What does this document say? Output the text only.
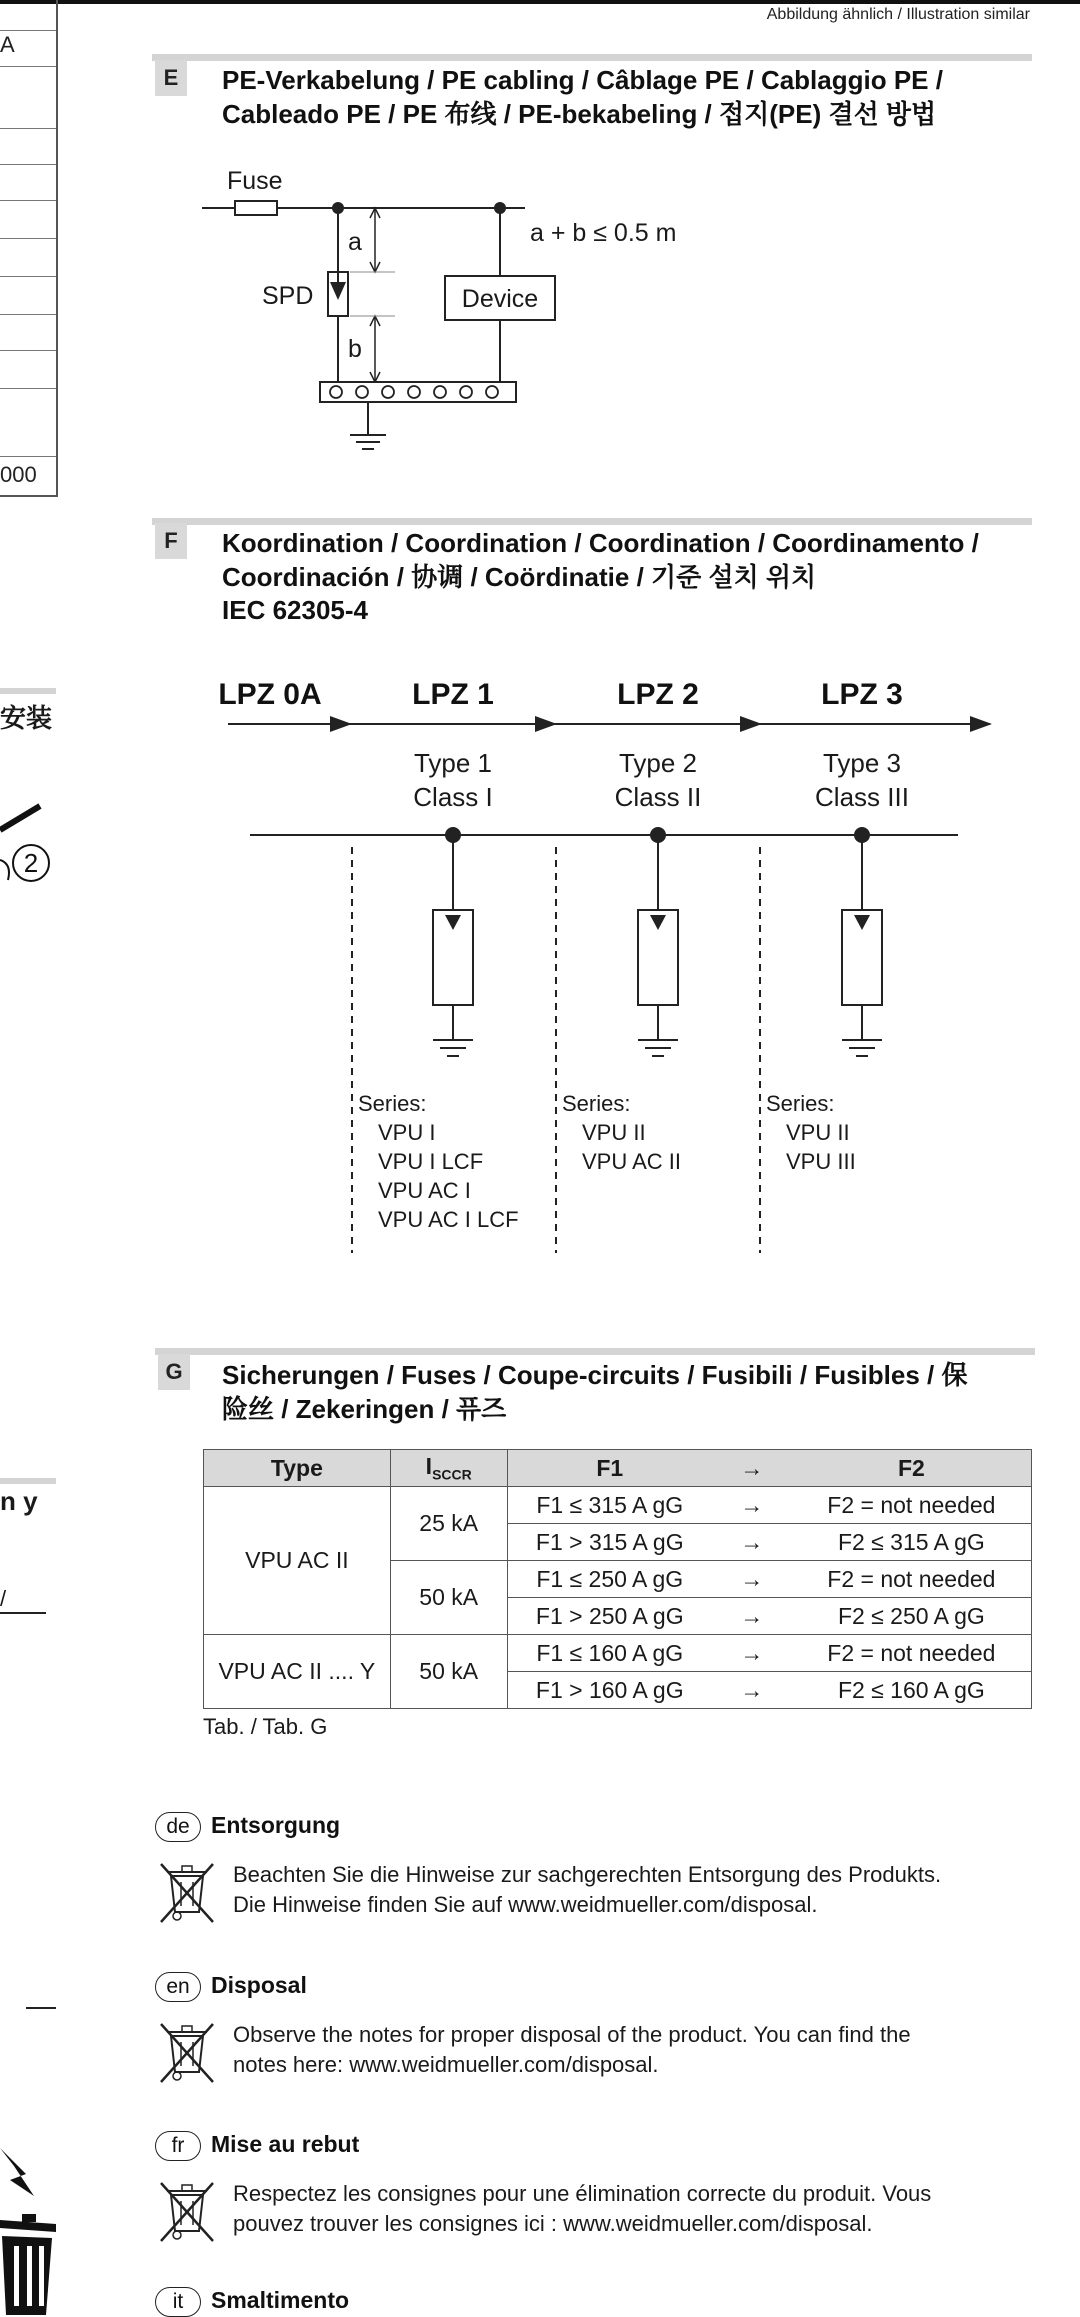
Abbildung ähnlich / Illustration similar
A
000
安装
2
n y
/
E	PE-Verkabelung / PE cabling / Câblage PE / Cablaggio PE /
Cableado PE / PE 布线 / PE-bekabeling / 접지(PE) 결선 방법
Fuse
SPD
a
b
Device
a + b ≤ 0.5 m
F	Koordination / Coordination / Coordination / Coordinamento /
Coordinación / 协调 / Coördinatie / 기준 설치 위치
IEC 62305-4
LPZ 0A	LPZ 1	LPZ 2	LPZ 3
Type 1
Class I
Type 2
Class II
Type 3
Class III
Series:
VPU I
VPU I LCF
VPU AC I
VPU AC I LCF
Series:
VPU II
VPU AC II
Series:
VPU II
VPU III
G Sicherungen / Fuses / Coupe-circuits / Fusibili / Fusibles / 保
险丝 / Zekeringen / 퓨즈
Type	$I_{SCCR}$	F1	→	F2
VPU AC II	25 kA	F1 ≤ 315 A gG	→	F2 = not needed
		F1 > 315 A gG	→	F2 ≤ 315 A gG
	50 kA	F1 ≤ 250 A gG	→	F2 = not needed
		F1 > 250 A gG	→	F2 ≤ 250 A gG
VPU AC II .... Y	50 kA	F1 ≤ 160 A gG	→	F2 = not needed
		F1 > 160 A gG	→	F2 ≤ 160 A gG
Tab. / Tab. G
de Entsorgung
Beachten Sie die Hinweise zur sachgerechten Entsorgung des Produkts.
Die Hinweise finden Sie auf www.weidmueller.com/disposal.
en Disposal
Observe the notes for proper disposal of the product. You can find the
notes here: www.weidmueller.com/disposal.
fr Mise au rebut
Respectez les consignes pour une élimination correcte du produit. Vous
pouvez trouver les consignes ici : www.weidmueller.com/disposal.
it Smaltimento
